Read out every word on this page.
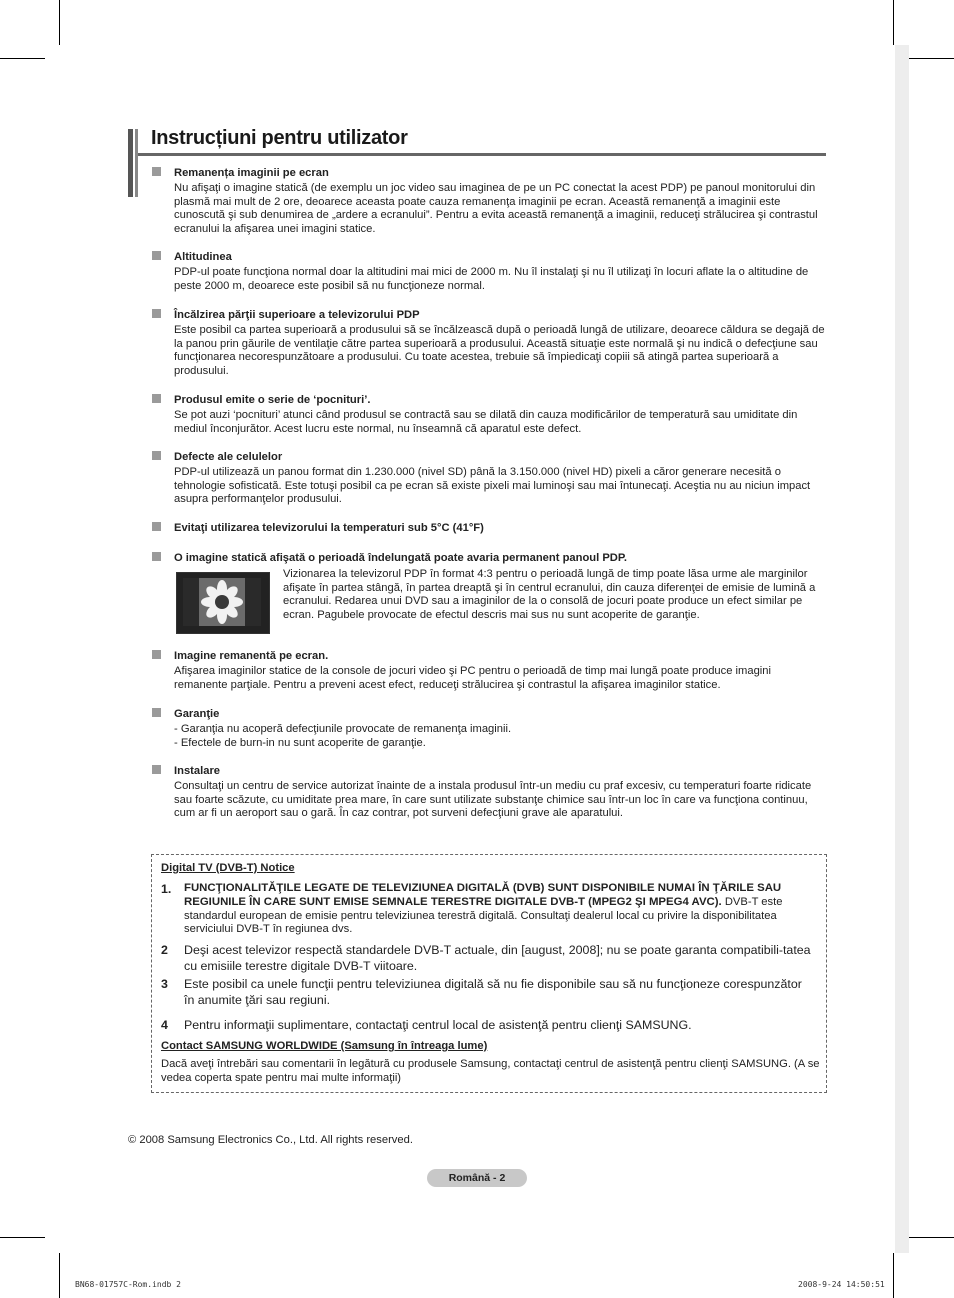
Instrucțiuni pentru utilizator
Remanența imaginii pe ecran

Nu afişaţi o imagine statică (de exemplu un joc video sau imaginea de pe un PC conectat la acest PDP) pe panoul monitorului din plasmă mai mult de 2 ore, deoarece aceasta poate cauza remanenţa imaginii pe ecran. Această remanenţă a imaginii este cunoscută şi sub denumirea de „ardere a ecranului”. Pentru a evita această remanenţă a imaginii, reduceţi strălucirea şi contrastul ecranului la afişarea unei imagini statice.

Altitudinea

PDP-ul poate funcţiona normal doar la altitudini mai mici de 2000 m. Nu îl instalaţi şi nu îl utilizaţi în locuri aflate la o altitudine de peste 2000 m, deoarece este posibil să nu funcţioneze normal.

Încălzirea părţii superioare a televizorului PDP

Este posibil ca partea superioară a produsului să se încălzească după o perioadă lungă de utilizare, deoarece căldura se degajă de la panou prin găurile de ventilaţie către partea superioară a produsului. Această situaţie este normală şi nu indică o defecţiune sau funcţionarea necorespunzătoare a produsului. Cu toate acestea, trebuie să împiedicaţi copiii să atingă partea superioară a produsului.

Produsul emite o serie de ‘pocnituri’.

Se pot auzi ‘pocnituri’ atunci când produsul se contractă sau se dilată din cauza modificărilor de temperatură sau umiditate din mediul înconjurător. Acest lucru este normal, nu înseamnă că aparatul este defect.

Defecte ale celulelor

PDP-ul utilizează un panou format din 1.230.000 (nivel SD) până la 3.150.000 (nivel HD) pixeli a căror generare necesită o tehnologie sofisticată. Este totuşi posibil ca pe ecran să existe pixeli mai luminoşi sau mai întunecaţi. Aceştia nu au niciun impact asupra performanţelor produsului.

Evitaţi utilizarea televizorului la temperaturi sub 5°C (41°F)
O imagine statică afişată o perioadă îndelungată poate avaria permanent panoul PDP.

Vizionarea la televizorul PDP în format 4:3 pentru o perioadă lungă de timp poate lăsa urme ale marginilor afişate în partea stângă, în partea dreaptă şi în centrul ecranului, din cauza diferenţei de emisie de lumină a ecranului. Redarea unui DVD sau a imaginilor de la o consolă de jocuri poate produce un efect similar pe ecran. Pagubele provocate de efectul descris mai sus nu sunt acoperite de garanţie.

Imagine remanentă pe ecran.

Afişarea imaginilor statice de la console de jocuri video şi PC pentru o perioadă de timp mai lungă poate produce imagini remanente parţiale. Pentru a preveni acest efect, reduceţi strălucirea şi contrastul la afişarea imaginilor statice.

Garanţie

- Garanţia nu acoperă defecţiunile provocate de remanenţa imaginii.

- Efectele de burn-in nu sunt acoperite de garanţie.

Instalare

Consultaţi un centru de service autorizat înainte de a instala produsul într-un mediu cu praf excesiv, cu temperaturi foarte ridicate sau foarte scăzute, cu umiditate prea mare, în care sunt utilizate substanţe chimice sau într-un loc în care va funcţiona continuu, cum ar fi un aeroport sau o gară. În caz contrar, pot surveni defecţiuni grave ale aparatului.

Digital TV (DVB-T) Notice
1. FUNCŢIONALITĂŢILE LEGATE DE TELEVIZIUNEA DIGITALĂ (DVB) SUNT DISPONIBILE NUMAI ÎN ŢĂRILE SAU REGIUNILE ÎN CARE SUNT EMISE SEMNALE TERESTRE DIGITALE DVB-T (MPEG2 ŞI MPEG4 AVC). DVB-T este standardul european de emisie pentru televiziunea terestră digitală. Consultaţi dealerul local cu privire la disponibilitatea serviciului DVB-T în regiunea dvs.
2 Deşi acest televizor respectă standardele DVB-T actuale, din [august, 2008]; nu se poate garanta compatibili-tatea cu emisiile terestre digitale DVB-T viitoare.
3 Este posibil ca unele funcţii pentru televiziunea digitală să nu fie disponibile sau să nu funcţioneze corespunzător în anumite ţări sau regiuni.
4 Pentru informaţii suplimentare, contactaţi centrul local de asistenţă pentru clienţi SAMSUNG.
Contact SAMSUNG WORLDWIDE (Samsung în întreaga lume)

Dacă aveţi întrebări sau comentarii în legătură cu produsele Samsung, contactaţi centrul de asistenţă pentru clienţi SAMSUNG. (A se vedea coperta spate pentru mai multe informaţii)

© 2008 Samsung Electronics Co., Ltd. All rights reserved.
Română - 2
BN68-01757C-Rom.indb 2	2008-9-24 14:50:51
